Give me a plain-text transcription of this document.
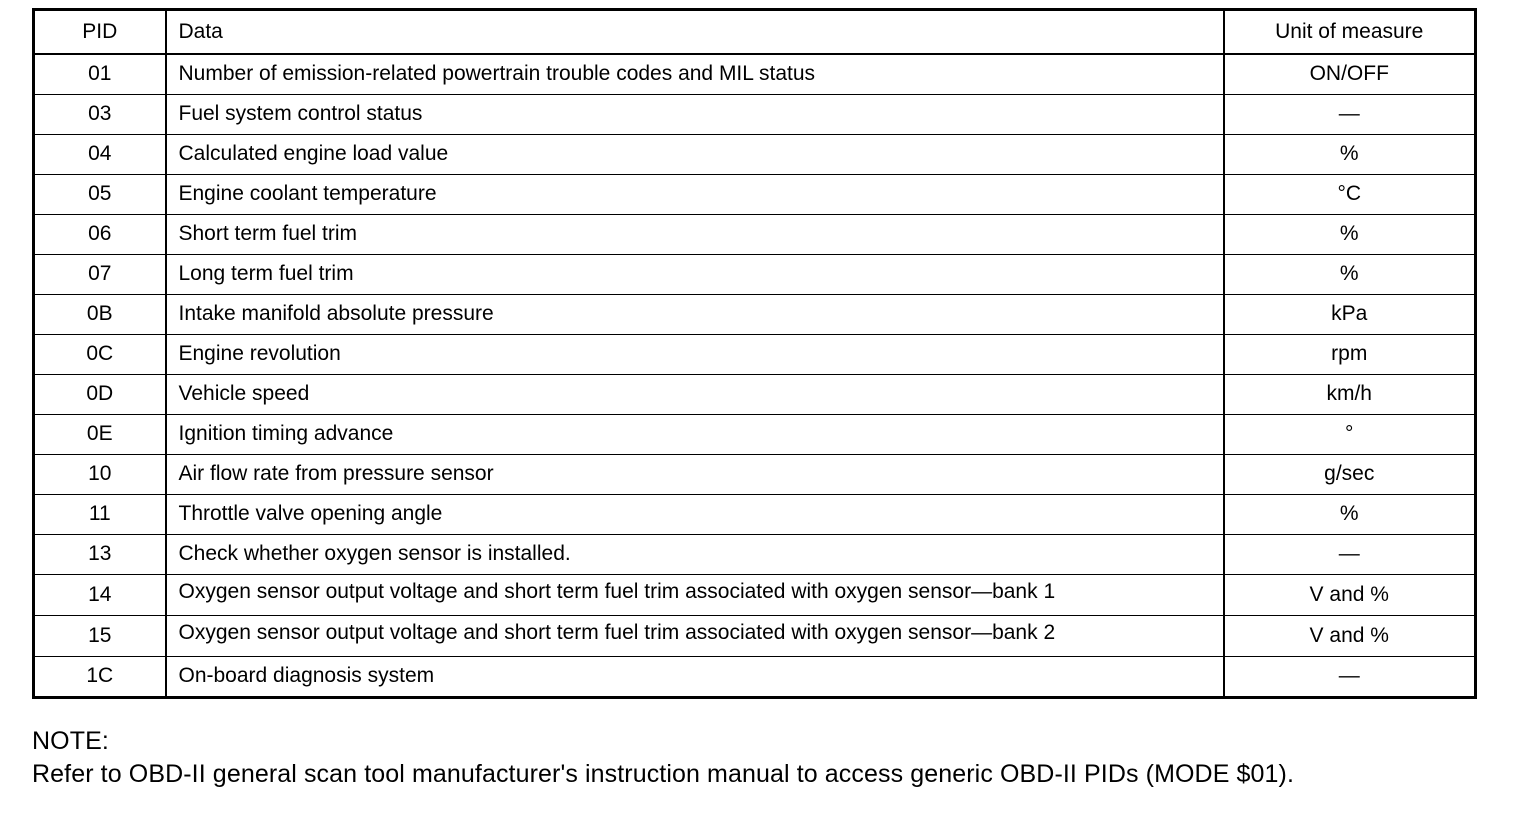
PID	Data	Unit of measure
01	Number of emission-related powertrain trouble codes and MIL status	ON/OFF
03	Fuel system control status	—
04	Calculated engine load value	%
05	Engine coolant temperature	°C
06	Short term fuel trim	%
07	Long term fuel trim	%
0B	Intake manifold absolute pressure	kPa
0C	Engine revolution	rpm
0D	Vehicle speed	km/h
0E	Ignition timing advance	°
10	Air flow rate from pressure sensor	g/sec
11	Throttle valve opening angle	%
13	Check whether oxygen sensor is installed.	—
14	Oxygen sensor output voltage and short term fuel trim associated with oxygen sensor—bank 1	V and %
15	Oxygen sensor output voltage and short term fuel trim associated with oxygen sensor—bank 2	V and %
1C	On-board diagnosis system	—
NOTE:
Refer to OBD-II general scan tool manufacturer's instruction manual to access generic OBD-II PIDs (MODE $01).
